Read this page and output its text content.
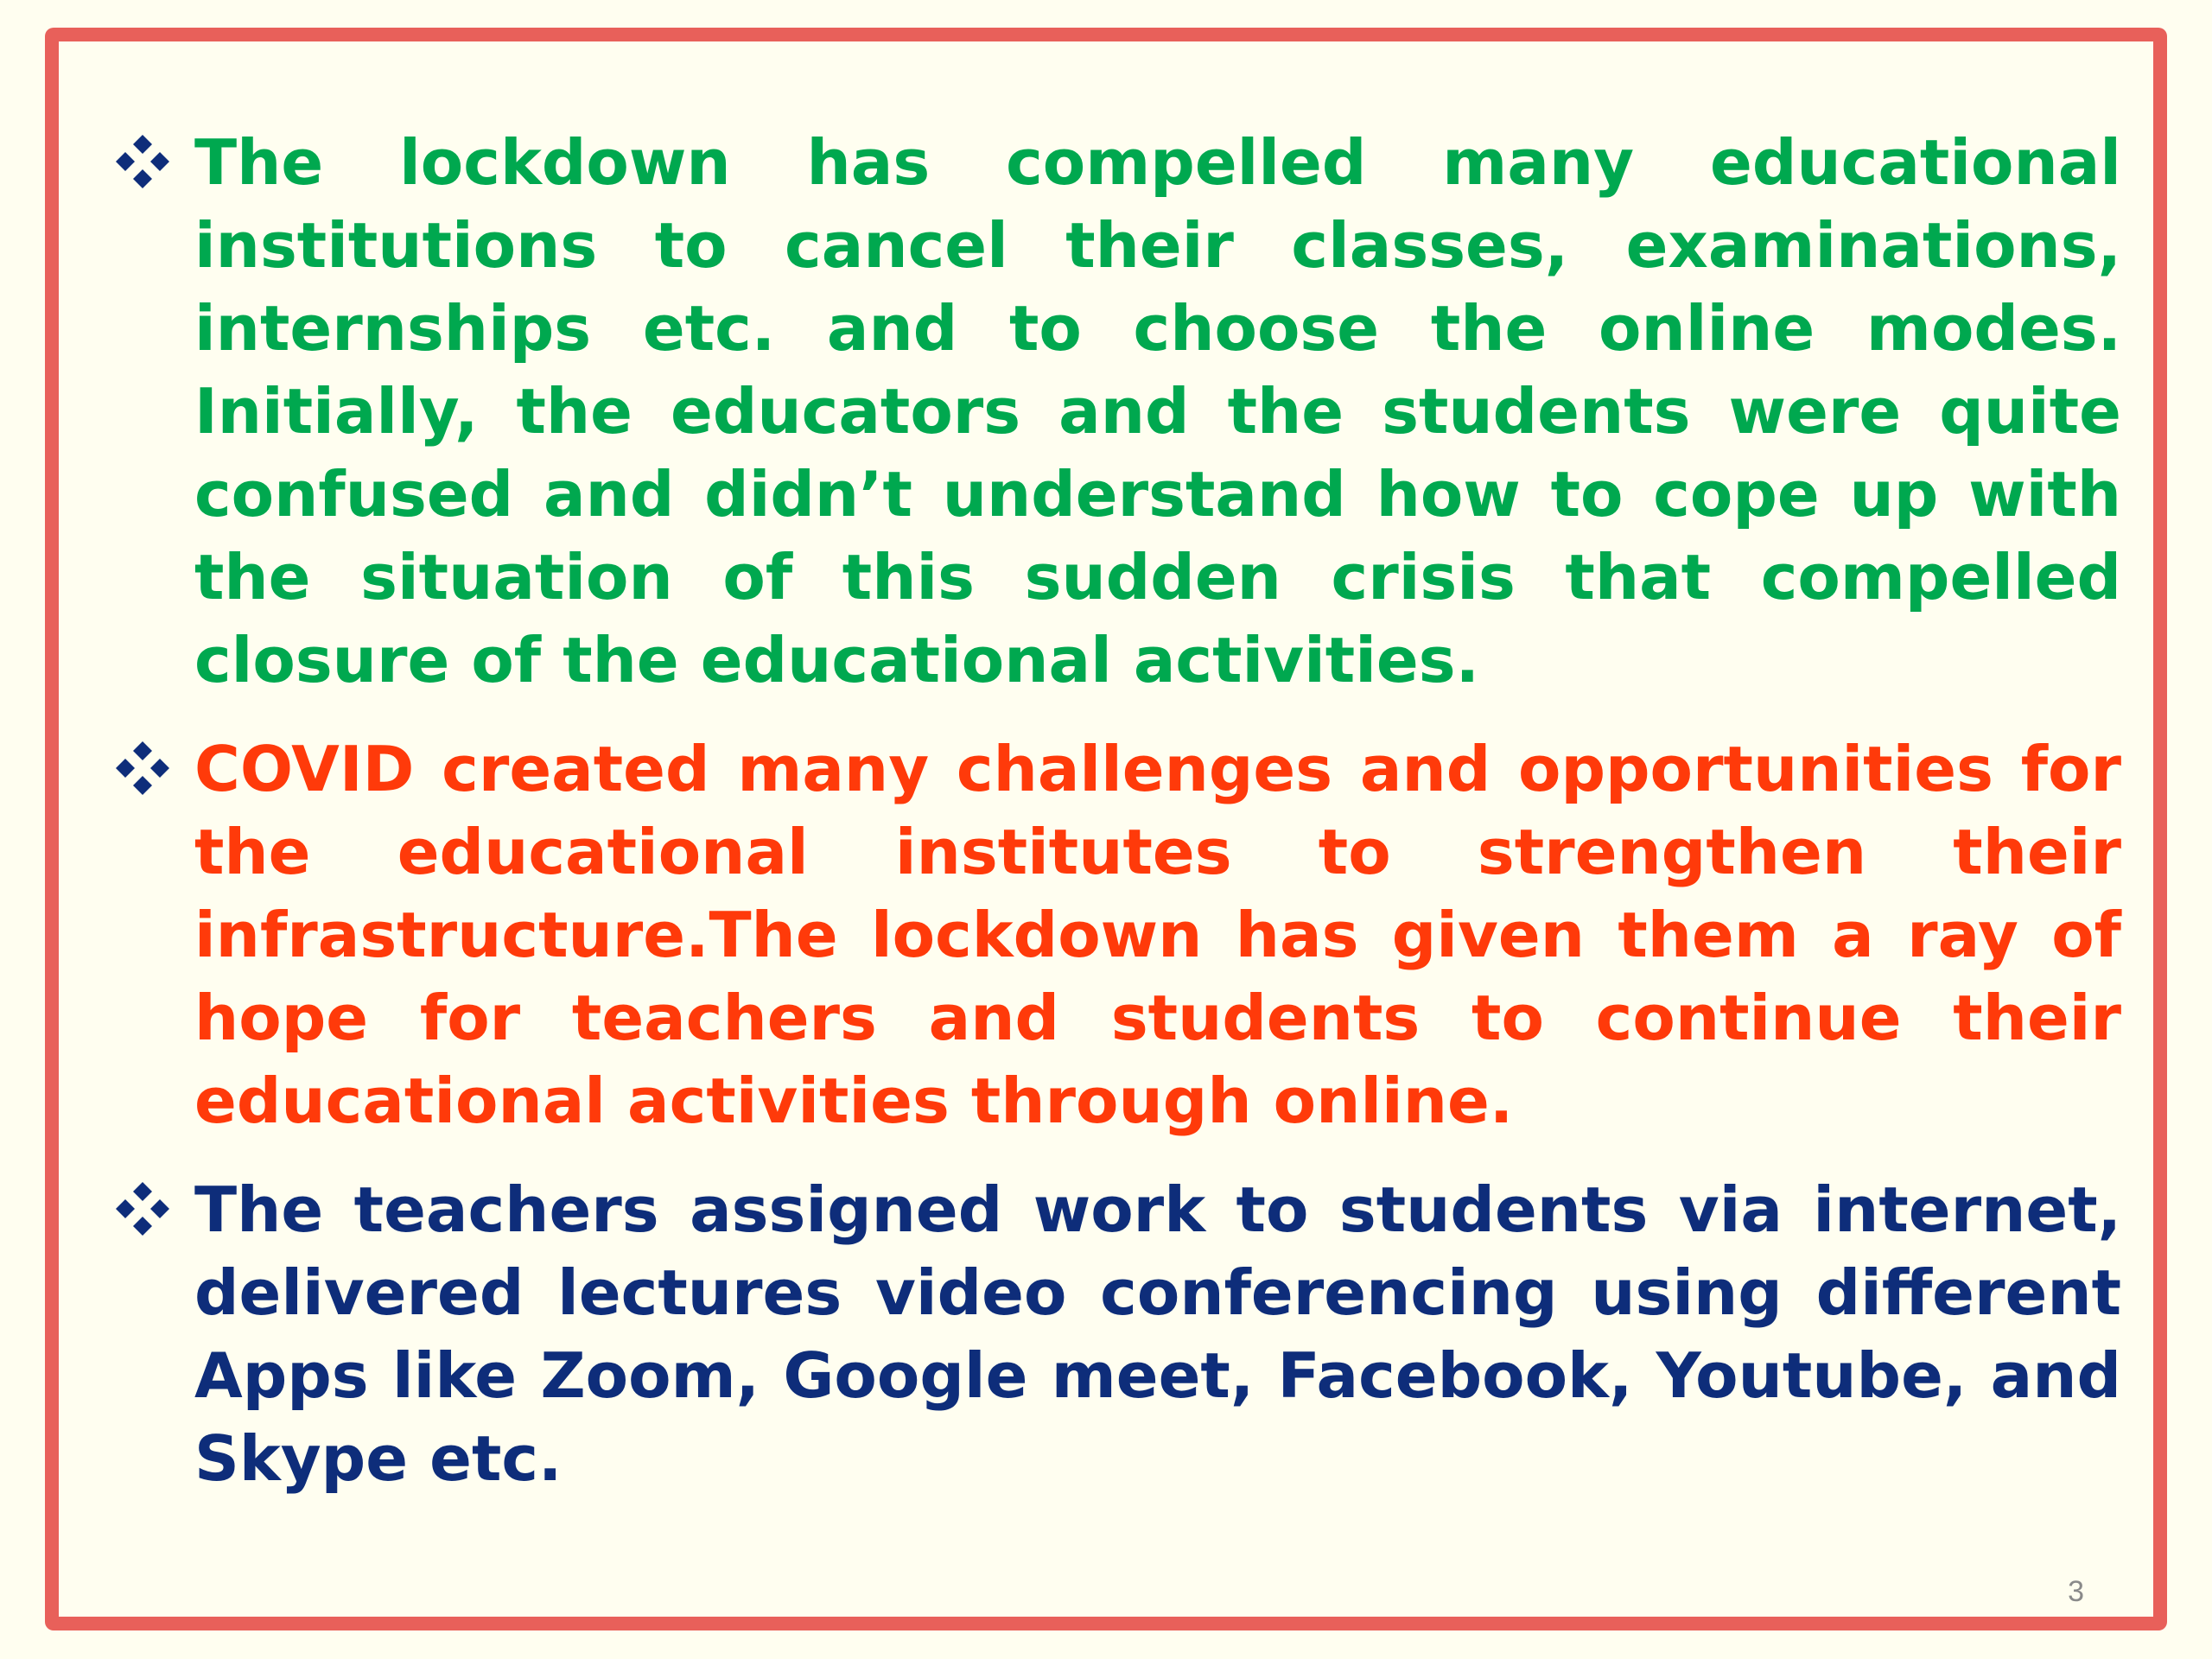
The lockdown has compelled many educational institutions to cancel their classes, examinations, internships etc. and to choose the online modes. Initially, the educators and the students were quite confused and didn’t understand how to cope up with the situation of this sudden crisis that compelled closure of the educational activities.
COVID created many challenges and opportunities for the educational institutes to strengthen their infrastructure.The lockdown has given them a ray of hope for teachers and students to continue their educational activities through online.
The teachers assigned work to students via internet, delivered lectures video conferencing using different Apps like Zoom, Google meet, Facebook, Youtube, and Skype etc.
3
